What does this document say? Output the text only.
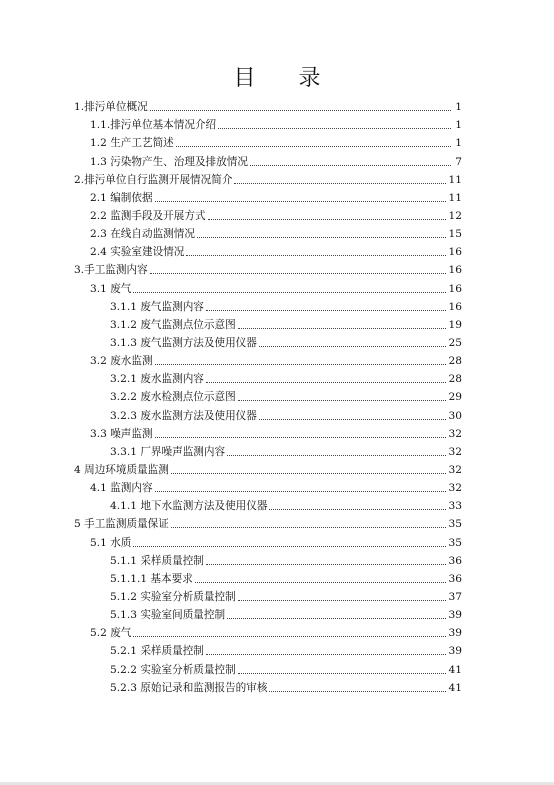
目 录
1.排污单位概况	1
1.1.排污单位基本情况介绍	1
1.2 生产工艺简述	1
1.3 污染物产生、治理及排放情况	7
2.排污单位自行监测开展情况简介	11
2.1 编制依据	11
2.2 监测手段及开展方式	12
2.3 在线自动监测情况	15
2.4 实验室建设情况	16
3.手工监测内容	16
3.1 废气	16
3.1.1 废气监测内容	16
3.1.2 废气监测点位示意图	19
3.1.3 废气监测方法及使用仪器	25
3.2 废水监测	28
3.2.1 废水监测内容	28
3.2.2 废水检测点位示意图	29
3.2.3 废水监测方法及使用仪器	30
3.3 噪声监测	32
3.3.1 厂界噪声监测内容	32
4 周边环境质量监测	32
4.1 监测内容	32
4.1.1 地下水监测方法及使用仪器	33
5 手工监测质量保证	35
5.1 水质	35
5.1.1 采样质量控制	36
5.1.1.1 基本要求	36
5.1.2 实验室分析质量控制	37
5.1.3 实验室间质量控制	39
5.2 废气	39
5.2.1 采样质量控制	39
5.2.2 实验室分析质量控制	41
5.2.3 原始记录和监测报告的审核	41
